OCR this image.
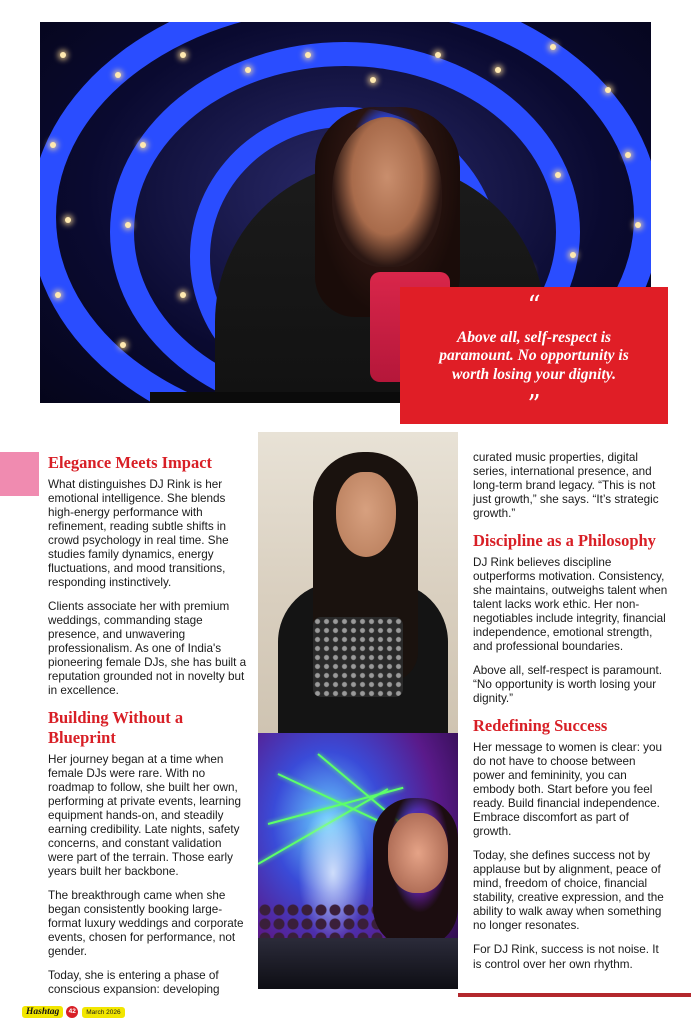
“
Above all, self-respect is paramount. No opportunity is worth losing your dignity.
”
Elegance Meets Impact

What distinguishes DJ Rink is her emotional intelligence. She blends high-energy performance with refinement, reading subtle shifts in crowd psychology in real time. She studies family dynamics, energy fluctuations, and mood transitions, responding instinctively.

Clients associate her with premium weddings, commanding stage presence, and unwavering professionalism. As one of India's pioneering female DJs, she has built a reputation grounded not in novelty but in excellence.

Building Without a Blueprint

Her journey began at a time when female DJs were rare. With no roadmap to follow, she built her own, performing at private events, learning equipment hands-on, and steadily earning credibility. Late nights, safety concerns, and constant validation were part of the terrain. Those early years built her backbone.

The breakthrough came when she began consistently booking large-format luxury weddings and corporate events, chosen for performance, not gender.

Today, she is entering a phase of conscious expansion: developing

curated music properties, digital series, international presence, and long-term brand legacy. “This is not just growth,” she says. “It’s strategic growth.”

Discipline as a Philosophy

DJ Rink believes discipline outperforms motivation. Consistency, she maintains, outweighs talent when talent lacks work ethic. Her non-negotiables include integrity, financial independence, emotional strength, and professional boundaries.

Above all, self-respect is paramount. “No opportunity is worth losing your dignity.”

Redefining Success

Her message to women is clear: you do not have to choose between power and femininity, you can embody both. Start before you feel ready. Build financial independence. Embrace discomfort as part of growth.

Today, she defines success not by applause but by alignment, peace of mind, freedom of choice, financial stability, creative expression, and the ability to walk away when something no longer resonates.

For DJ Rink, success is not noise. It is control over her own rhythm.

Hashtag	42	March 2026
